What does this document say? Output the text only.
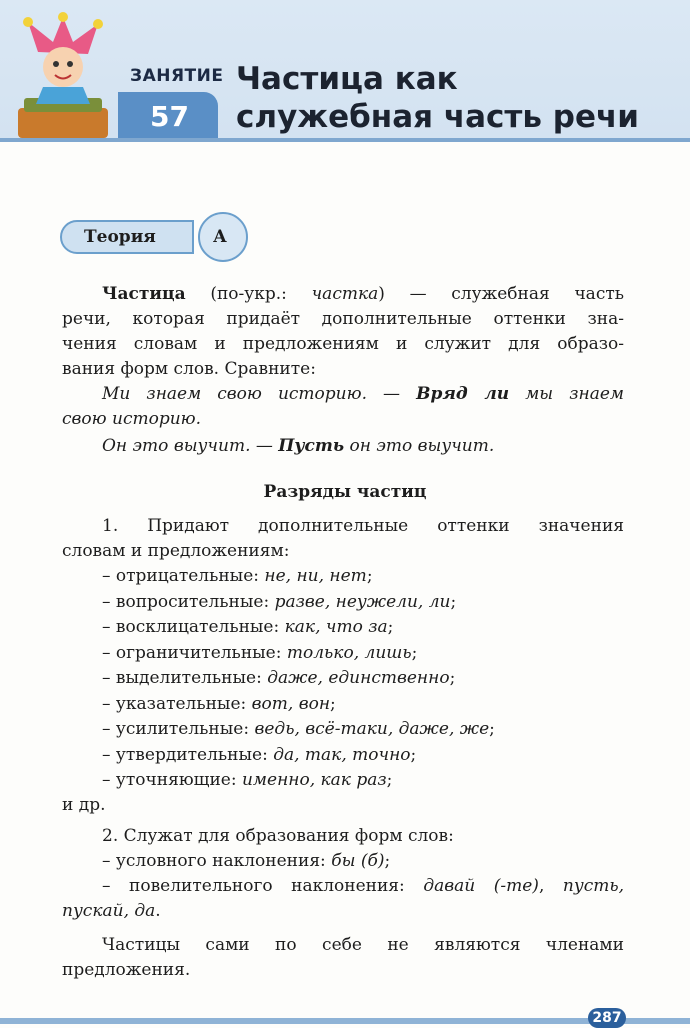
ЗАНЯТИЕ
57
Частица как
служебная часть речи
Теория	А
Частица (по-укр.: частка) — служебная часть
речи, которая придаёт дополнительные оттенки зна-
чения словам и предложениям и служит для образо-
вания форм слов. Сравните:
Ми знаем свою историю. — Вряд ли мы знаем
свою историю.
Он это выучит. — Пусть он это выучит.
Разряды частиц
1. Придают дополнительные оттенки значения
словам и предложениям:
– отрицательные: не, ни, нет;
– вопросительные: разве, неужели, ли;
– восклицательные: как, что за;
– ограничительные: только, лишь;
– выделительные: даже, единственно;
– указательные: вот, вон;
– усилительные: ведь, всё-таки, даже, же;
– утвердительные: да, так, точно;
– уточняющие: именно, как раз;
и др.
2. Служат для образования форм слов:
– условного наклонения: бы (б);
– повелительного наклонения: давай (-те), пусть,
пускай, да.
Частицы сами по себе не являются членами
предложения.
287
